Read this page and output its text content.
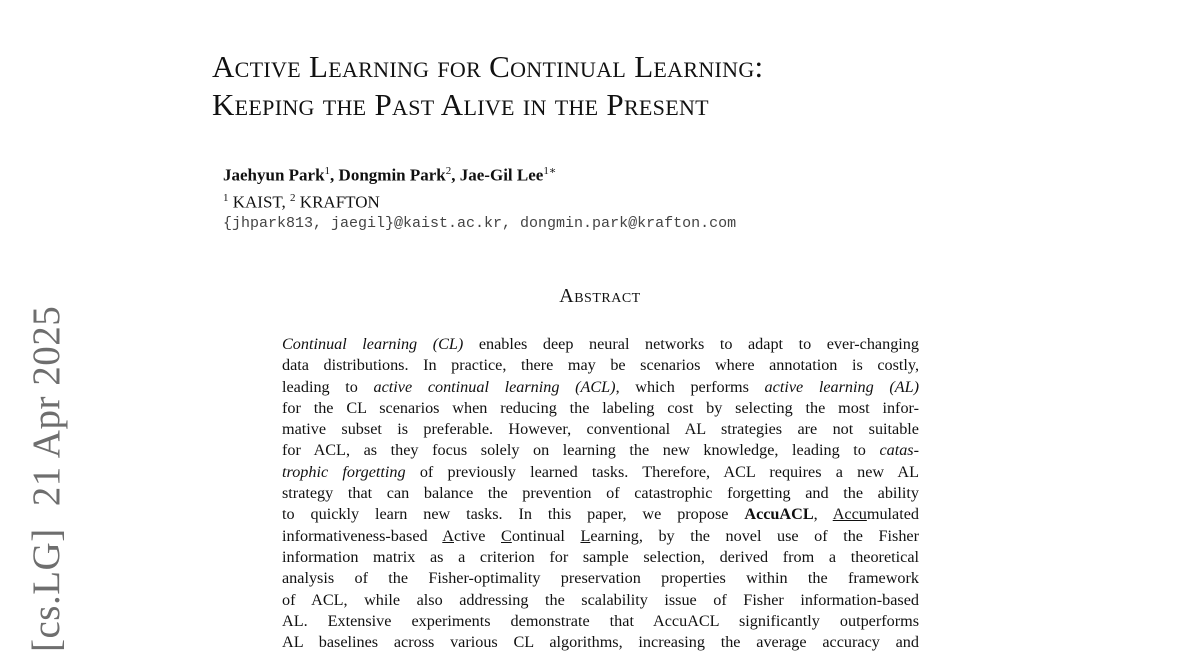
[cs.LG]21 Apr 2025
Active Learning for Continual Learning:
Keeping the Past Alive in the Present
Jaehyun Park$^1$, Dongmin Park$^2$, Jae-Gil Lee$^{1∗}$
$^1$ KAIST, $^2$ KRAFTON
{jhpark813, jaegil}@kaist.ac.kr, dongmin.park@krafton.com
Abstract
Continual learning (CL) enables deep neural networks to adapt to ever-changing
data distributions. In practice, there may be scenarios where annotation is costly,
leading to active continual learning (ACL), which performs active learning (AL)
for the CL scenarios when reducing the labeling cost by selecting the most infor-
mative subset is preferable. However, conventional AL strategies are not suitable
for ACL, as they focus solely on learning the new knowledge, leading to catas-
trophic forgetting of previously learned tasks. Therefore, ACL requires a new AL
strategy that can balance the prevention of catastrophic forgetting and the ability
to quickly learn new tasks. In this paper, we propose AccuACL, Accumulated
informativeness-based Active Continual Learning, by the novel use of the Fisher
information matrix as a criterion for sample selection, derived from a theoretical
analysis of the Fisher-optimality preservation properties within the framework
of ACL, while also addressing the scalability issue of Fisher information-based
AL. Extensive experiments demonstrate that AccuACL significantly outperforms
AL baselines across various CL algorithms, increasing the average accuracy and
